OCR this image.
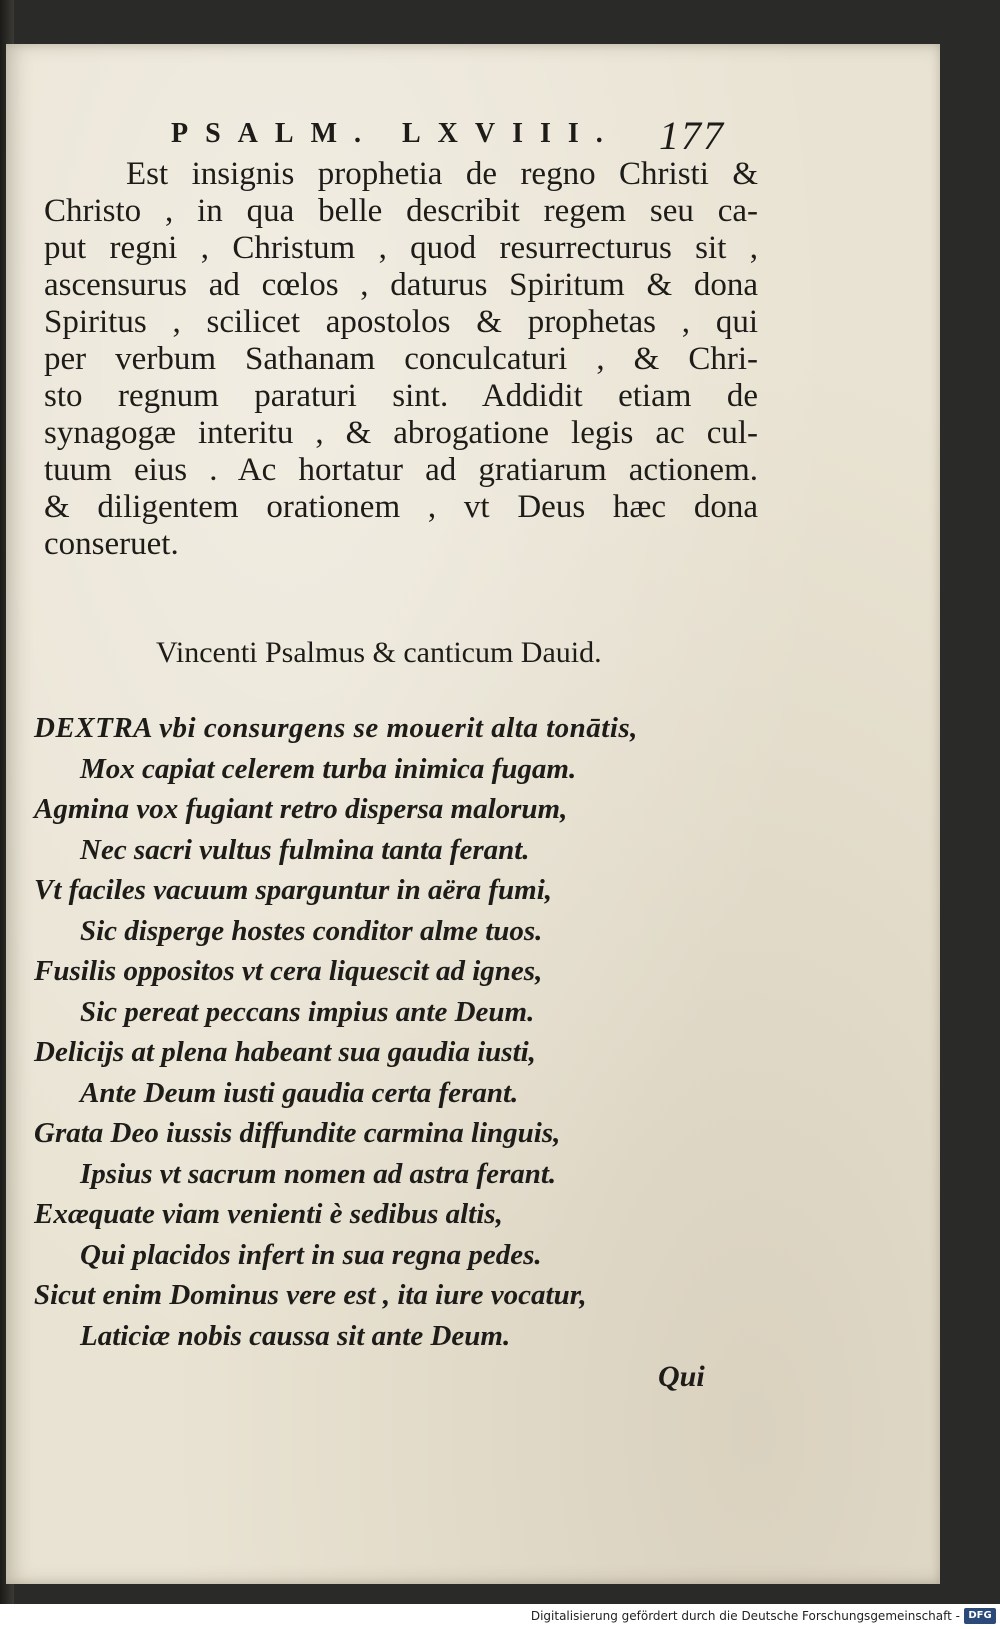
PSALM. LXVIII. 177
Est insignis prophetia de regno Christi &
Christo , in qua belle describit regem seu ca-
put regni , Christum , quod resurrecturus sit ,
ascensurus ad cœlos , daturus Spiritum & dona
Spiritus , scilicet apostolos & prophetas , qui
per verbum Sathanam conculcaturi , & Chri-
sto regnum paraturi sint. Addidit etiam de
synagogæ interitu , & abrogatione legis ac cul-
tuum eius . Ac hortatur ad gratiarum actionem.
& diligentem orationem , vt Deus hæc dona
conseruet.
Vincenti Psalmus & canticum Dauid.
DEXTRA vbi consurgens se mouerit alta tonātis,
Mox capiat celerem turba inimica fugam.
Agmina vox fugiant retro dispersa malorum,
Nec sacri vultus fulmina tanta ferant.
Vt faciles vacuum sparguntur in aëra fumi,
Sic disperge hostes conditor alme tuos.
Fusilis oppositos vt cera liquescit ad ignes,
Sic pereat peccans impius ante Deum.
Delicijs at plena habeant sua gaudia iusti,
Ante Deum iusti gaudia certa ferant.
Grata Deo iussis diffundite carmina linguis,
Ipsius vt sacrum nomen ad astra ferant.
Exæquate viam venienti è sedibus altis,
Qui placidos infert in sua regna pedes.
Sicut enim Dominus vere est , ita iure vocatur,
Laticiæ nobis caussa sit ante Deum.
Qui
Digitalisierung gefördert durch die Deutsche Forschungsgemeinschaft - DFG
